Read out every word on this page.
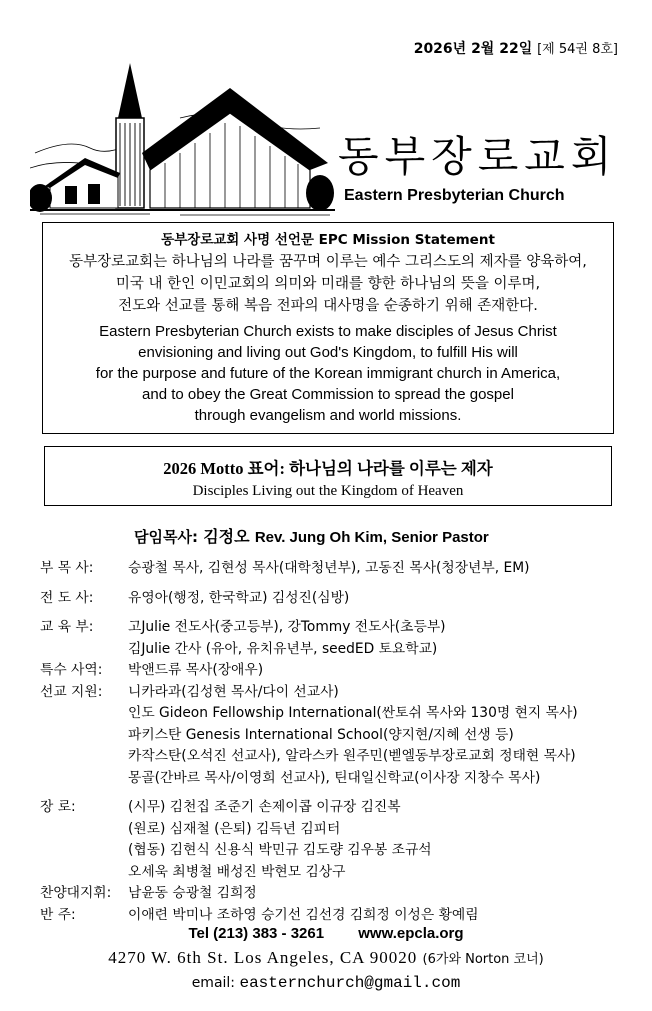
2026년 2월 22일 [제 54권 8호]
동부장로교회
Eastern Presbyterian Church
동부장로교회 사명 선언문 EPC Mission Statement
동부장로교회는 하나님의 나라를 꿈꾸며 이루는 예수 그리스도의 제자를 양육하여,
미국 내 한인 이민교회의 의미와 미래를 향한 하나님의 뜻을 이루며,
전도와 선교를 통해 복음 전파의 대사명을 순종하기 위해 존재한다.
Eastern Presbyterian Church exists to make disciples of Jesus Christ
envisioning and living out God's Kingdom, to fulfill His will
for the purpose and future of the Korean immigrant church in America,
and to obey the Great Commission to spread the gospel
through evangelism and world missions.
2026 Motto 표어: 하나님의 나라를 이루는 제자
Disciples Living out the Kingdom of Heaven
담임목사: 김정오 Rev. Jung Oh Kim, Senior Pastor
부 목 사:	승광철 목사, 김현성 목사(대학청년부), 고동진 목사(청장년부, EM)
전 도 사:	유영아(행정, 한국학교) 김성진(심방)
교 육 부:	고Julie 전도사(중고등부), 강Tommy 전도사(초등부)
김Julie 간사 (유아, 유치유년부, seedED 토요학교)
특수 사역:	박앤드류 목사(장애우)
선교 지원:	니카라과(김성현 목사/다이 선교사)
인도 Gideon Fellowship International(싼토쉬 목사와 130명 현지 목사)
파키스탄 Genesis International School(양지현/지혜 선생 등)
카작스탄(오석진 선교사), 알라스카 원주민(벧엘동부장로교회 정태현 목사)
몽골(간바르 목사/이영희 선교사), 틴대일신학교(이사장 지창수 목사)
장 로:	(시무) 김천집 조준기 손제이콥 이규장 김진복
(원로) 심재철 (은퇴) 김득년 김피터
(협동) 김현식 신용식 박민규 김도량 김우봉 조규석
오세욱 최병철 배성진 박현모 김상구
찬양대지휘:	남윤동 승광철 김희정
반 주:	이애련 박미나 조하영 승기선 김선경 김희정 이성은 황예림
Tel (213) 383 - 3261 www.epcla.org
4270 W. 6th St. Los Angeles, CA 90020 (6가와 Norton 코너)
email: easternchurch@gmail.com
